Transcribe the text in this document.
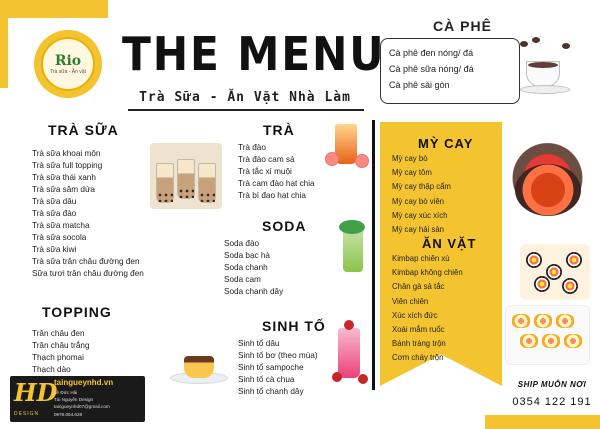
Rio
Trà sữa - Ăn vặt THE MENU
Trà Sữa - Ăn Vặt Nhà Làm
CÀ PHÊ
Cà phê đen nóng/ đá
Cà phê sữa nóng/ đá
Cà phê sài gòn
TRÀ SỮA
Trà sữa khoai môn
Trà sữa full topping
Trà sữa thái xanh
Trà sữa sâm dứa
Trà sữa dâu
Trà sữa đào
Trà sữa matcha
Trà sữa socola
Trà sữa kiwi
Trà sữa trân châu đường đen
Sữa tươi trân châu đường đen
TOPPING
Trân châu đen
Trân châu trắng
Thạch phomai
Thạch dào
TRÀ
Trà đào
Trà đào cam sả
Trà tắc xí muội
Trà cam đào hạt chia
Trà bí đao hạt chia
SODA
Soda đào
Soda bạc hà
Soda chanh
Soda cam
Soda chanh dây
SINH TỐ
Sinh tố dâu
Sinh tố bơ (theo mùa)
Sinh tố sampoche
Sinh tố cà chua
Sinh tố chanh dây
MỲ CAY
Mỳ cay bò
Mỳ cay tôm
Mỳ cay thập cẩm
Mỳ cay bò viên
Mỳ cay xúc xích
Mỳ cay hải sản
ĂN VẶT
Kimbap chiên xù
Kimbap không chiên
Chân gà sả tắc
Viên chiên
Xúc xích đức
Xoài mắm ruốc
Bánh tráng trộn
Cơm cháy trộn
HD
DESIGN
taingueynhd.vn
Lê Đức Hải
Tài Nguyên Design
taingueynhd07@gmail.com
0976.064.628
SHIP MUÔN NƠI
0354 122 191
